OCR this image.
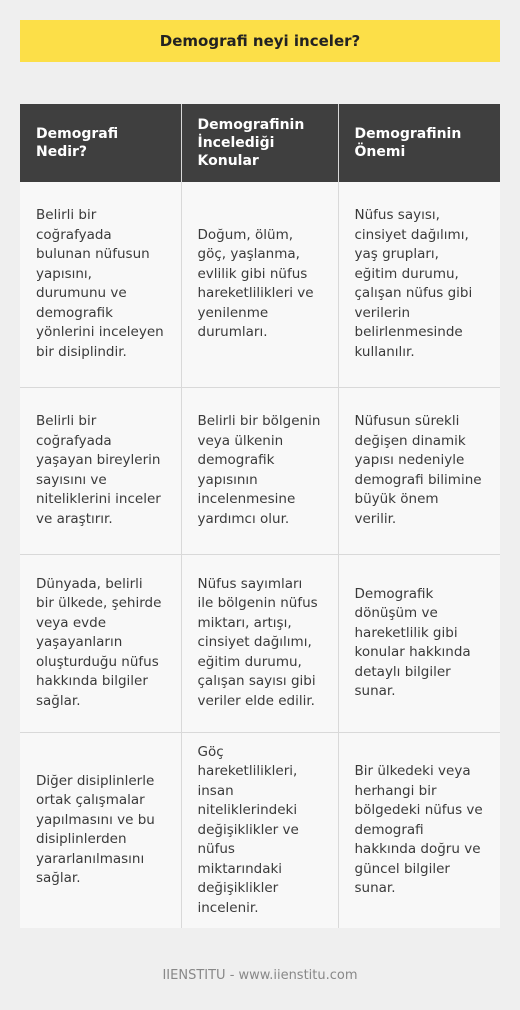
Demografi neyi inceler?
Demografi Nedir?	Demografinin İncelediği Konular	Demografinin Önemi
Belirli bir coğrafyada bulunan nüfusun yapısını, durumunu ve demografik yönlerini inceleyen bir disiplindir.	Doğum, ölüm, göç, yaşlanma, evlilik gibi nüfus hareketlilikleri ve yenilenme durumları.	Nüfus sayısı, cinsiyet dağılımı, yaş grupları, eğitim durumu, çalışan nüfus gibi verilerin belirlenmesinde kullanılır.
Belirli bir coğrafyada yaşayan bireylerin sayısını ve niteliklerini inceler ve araştırır.	Belirli bir bölgenin veya ülkenin demografik yapısının incelenmesine yardımcı olur.	Nüfusun sürekli değişen dinamik yapısı nedeniyle demografi bilimine büyük önem verilir.
Dünyada, belirli bir ülkede, şehirde veya evde yaşayanların oluşturduğu nüfus hakkında bilgiler sağlar.	Nüfus sayımları ile bölgenin nüfus miktarı, artışı, cinsiyet dağılımı, eğitim durumu, çalışan sayısı gibi veriler elde edilir.	Demografik dönüşüm ve hareketlilik gibi konular hakkında detaylı bilgiler sunar.
Diğer disiplinlerle ortak çalışmalar yapılmasını ve bu disiplinlerden yararlanılmasını sağlar.	Göç hareketlilikleri, insan niteliklerindeki değişiklikler ve nüfus miktarındaki değişiklikler incelenir.	Bir ülkedeki veya herhangi bir bölgedeki nüfus ve demografi hakkında doğru ve güncel bilgiler sunar.
IIENSTITU - www.iienstitu.com
